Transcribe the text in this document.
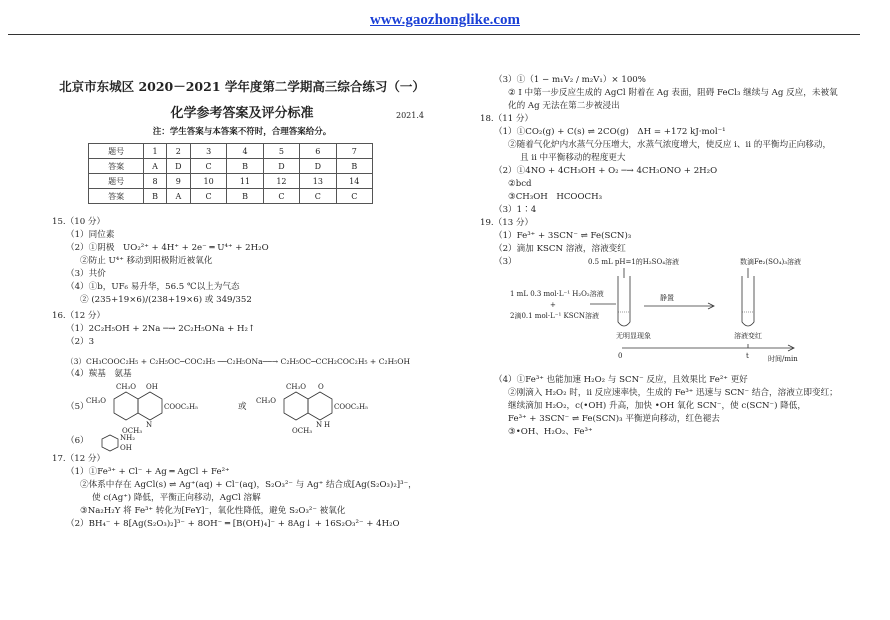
www.gaozhonglike.com
北京市东城区 2020－2021 学年度第二学期高三综合练习（一）
化学参考答案及评分标准	2021.4
注：学生答案与本答案不符时，合理答案给分。
题号	1	2	3	4	5	6	7
答案	A	D	C	B	D	D	B
题号	8	9	10	11	12	13	14
答案	B	A	C	B	C	C	C
15.（10 分）
（1）同位素
（2）①阴极　UO₂²⁺ + 4H⁺ + 2e⁻ ═ U⁴⁺ + 2H₂O
②防止 U⁴⁺ 移动到阳极附近被氧化
（3）共价
（4）①b，UF₆ 易升华，56.5 ℃以上为气态
② (235+19×6)/(238+19×6) 或 349/352
16.（12 分）
（1）2C₂H₅OH + 2Na ─→ 2C₂H₅ONa + H₂↑
（2）3
（3）CH₃COOC₂H₅ + C₂H₅OC─COC₂H₅ ──C₂H₅ONa──→ C₂H₅OC─CCH₂COC₂H₅ + C₂H₅OH
（4）羰基　氨基
（5）
CH₃O OH
CH₃O
COOC₂H₅
N
OCH₃
或
CH₃O O
CH₃O
COOC₂H₅
N H
OCH₃
（6）	NH₂
OH
17.（12 分）
（1）①Fe³⁺ + Cl⁻ + Ag ═ AgCl + Fe²⁺
②体系中存在 AgCl(s) ⇌ Ag⁺(aq) + Cl⁻(aq)，S₂O₃²⁻ 与 Ag⁺ 结合成[Ag(S₂O₃)₂]³⁻，
使 c(Ag⁺) 降低，平衡正向移动，AgCl 溶解
③Na₂H₂Y 将 Fe³⁺ 转化为[FeY]⁻，氧化性降低，避免 S₂O₃²⁻ 被氧化
（2）BH₄⁻ + 8[Ag(S₂O₃)₂]³⁻ + 8OH⁻ ═ [B(OH)₄]⁻ + 8Ag↓ + 16S₂O₃²⁻ + 4H₂O
（3）①（1 − m₁V₂ / m₂V₁）× 100%
② I 中第一步反应生成的 AgCl 附着在 Ag 表面，阻碍 FeCl₃ 继续与 Ag 反应，未被氧
化的 Ag 无法在第二步被浸出
18.（11 分）
（1）①CO₂(g) + C(s) ⇌ 2CO(g)　ΔH = +172 kJ·mol⁻¹
②随着气化炉内水蒸气分压增大，水蒸气浓度增大，使反应 i、ii 的平衡均正向移动，
且 ii 中平衡移动的程度更大
（2）①4NO + 4CH₃OH + O₂ ─→ 4CH₃ONO + 2H₂O
②bcd
③CH₃OH　HCOOCH₃
（3）1∶4
19.（13 分）
（1）Fe³⁺ + 3SCN⁻ ⇌ Fe(SCN)₃
（2）滴加 KSCN 溶液，溶液变红
（3）	0.5 mL pH=1的H₂SO₄溶液	数滴Fe₂(SO₄)₃溶液
1 mL 0.3 mol·L⁻¹ H₂O₂溶液
+
2滴0.1 mol·L⁻¹ KSCN溶液
静置
无明显现象	溶液变红
0	t	时间/min
（4）①Fe³⁺ 也能加速 H₂O₂ 与 SCN⁻ 反应，且效果比 Fe²⁺ 更好
②刚滴入 H₂O₂ 时，ii 反应速率快，生成的 Fe³⁺ 迅速与 SCN⁻ 结合，溶液立即变红；
继续滴加 H₂O₂，c(•OH) 升高，加快 •OH 氧化 SCN⁻，使 c(SCN⁻) 降低，
Fe³⁺ + 3SCN⁻ ⇌ Fe(SCN)₃ 平衡逆向移动，红色褪去
③•OH、H₂O₂、Fe³⁺
